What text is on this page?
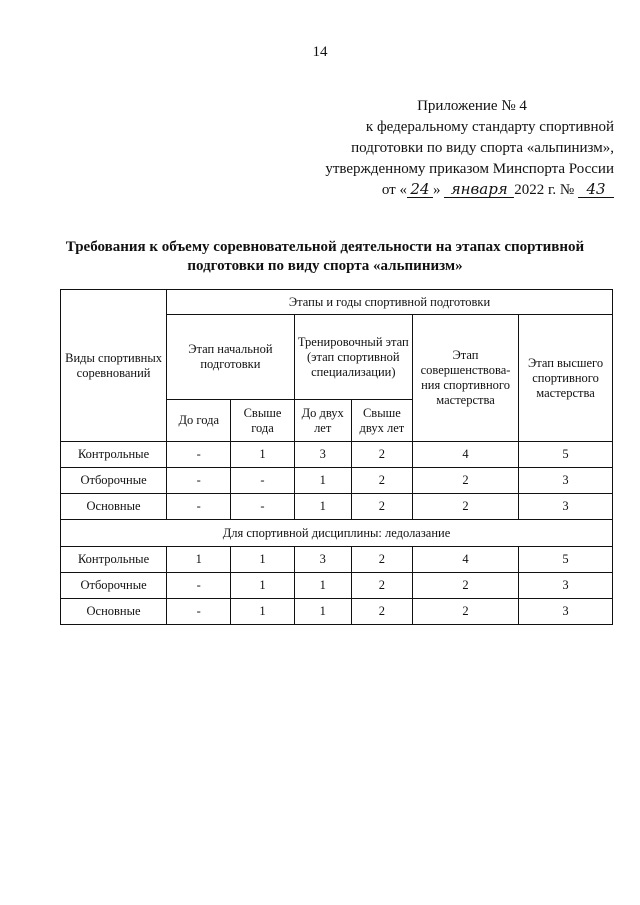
14
Приложение № 4
к федеральному стандарту спортивной
подготовки по виду спорта «альпинизм»,
утвержденному приказом Минспорта России
от « 24 » января 2022 г. № 43
Требования к объему соревновательной деятельности на этапах спортивной
подготовки по виду спорта «альпинизм»
Виды спортивных соревнований	Этапы и годы спортивной подготовки					
	Этап начальной подготовки		Тренировочный этап (этап спортивной специализации)		Этап совершенствова-ния спортивного мастерства	Этап высшего спортивного мастерства
	До года	Свыше года	До двух лет	Свыше двух лет		
Контрольные	-	1	3	2	4	5
Отборочные	-	-	1	2	2	3
Основные	-	-	1	2	2	3
Для спортивной дисциплины: ледолазание						
Контрольные	1	1	3	2	4	5
Отборочные	-	1	1	2	2	3
Основные	-	1	1	2	2	3
